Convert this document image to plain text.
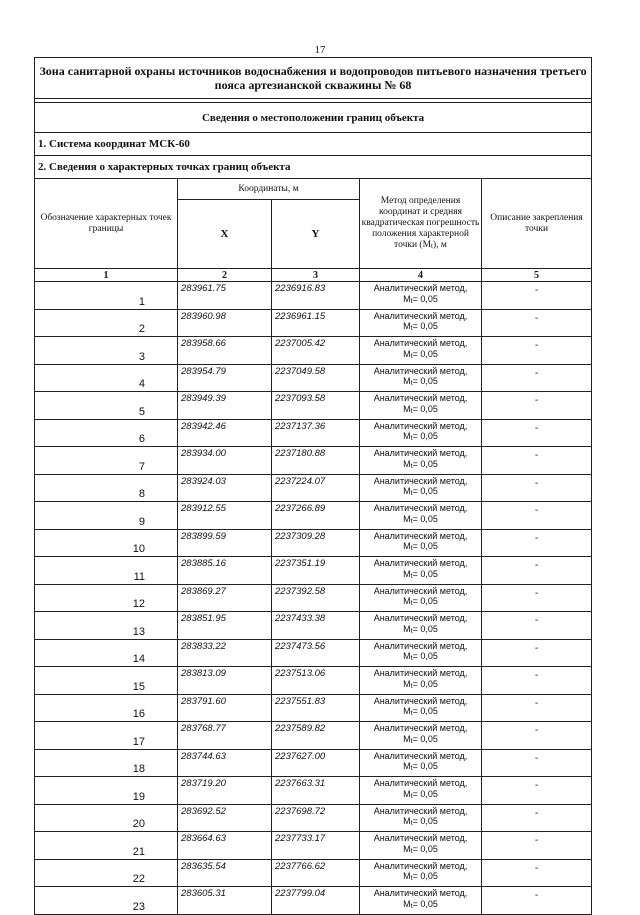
17
Зона санитарной охраны источников водоснабжения и водопроводов питьевого назначения третьего пояса артезианской скважины № 68				

Сведения о местоположении границ объекта				
1. Система координат МСК-60				
2. Сведения о характерных точках границ объекта				
Обозначение характерных точек границы	Координаты, м		Метод определения координат и средняя квадратическая погрешность положения характерной точки (Mt), м	Описание закрепления точки
	X	Y		
1	2	3	4	5
1	283961.75	2236916.83	Аналитический метод,
Mt= 0,05	-
2	283960.98	2236961.15	Аналитический метод,
Mt= 0,05	-
3	283958.66	2237005.42	Аналитический метод,
Mt= 0,05	-
4	283954.79	2237049.58	Аналитический метод,
Mt= 0,05	-
5	283949.39	2237093.58	Аналитический метод,
Mt= 0,05	-
6	283942.46	2237137.36	Аналитический метод,
Mt= 0,05	-
7	283934.00	2237180.88	Аналитический метод,
Mt= 0,05	-
8	283924.03	2237224.07	Аналитический метод,
Mt= 0,05	-
9	283912.55	2237266.89	Аналитический метод,
Mt= 0,05	-
10	283899.59	2237309.28	Аналитический метод,
Mt= 0,05	-
11	283885.16	2237351.19	Аналитический метод,
Mt= 0,05	-
12	283869.27	2237392.58	Аналитический метод,
Mt= 0,05	-
13	283851.95	2237433.38	Аналитический метод,
Mt= 0,05	-
14	283833.22	2237473.56	Аналитический метод,
Mt= 0,05	-
15	283813.09	2237513.06	Аналитический метод,
Mt= 0,05	-
16	283791.60	2237551.83	Аналитический метод,
Mt= 0,05	-
17	283768.77	2237589.82	Аналитический метод,
Mt= 0,05	-
18	283744.63	2237627.00	Аналитический метод,
Mt= 0,05	-
19	283719.20	2237663.31	Аналитический метод,
Mt= 0,05	-
20	283692.52	2237698.72	Аналитический метод,
Mt= 0,05	-
21	283664.63	2237733.17	Аналитический метод,
Mt= 0,05	-
22	283635.54	2237766.62	Аналитический метод,
Mt= 0,05	-
23	283605.31	2237799.04	Аналитический метод,
Mt= 0,05	-
